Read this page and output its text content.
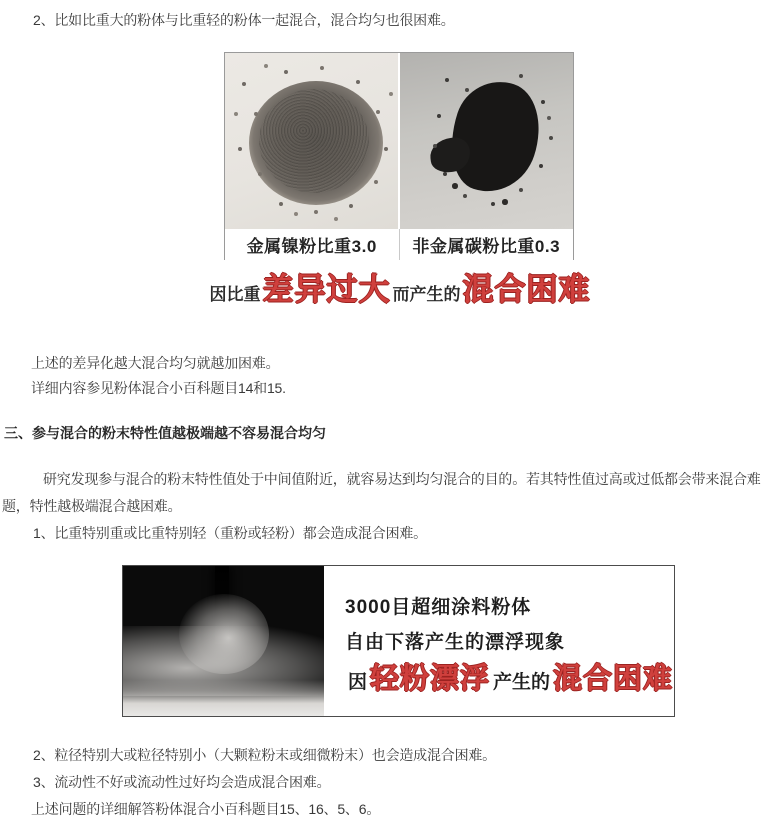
2、比如比重大的粉体与比重轻的粉体一起混合，混合均匀也很困难。
金属镍粉比重3.0	非金属碳粉比重0.3
因比重 差异过大 而产生的 混合困难
上述的差异化越大混合均匀就越加困难。
详细内容参见粉体混合小百科题目14和15.
三、参与混合的粉末特性值越极端越不容易混合均匀
研究发现参与混合的粉末特性值处于中间值附近，就容易达到均匀混合的目的。若其特性值过高或过低都会带来混合难
题，特性越极端混合越困难。
1、比重特别重或比重特别轻（重粉或轻粉）都会造成混合困难。
3000目超细涂料粉体
自由下落产生的漂浮现象
因 轻粉漂浮 产生的 混合困难
2、粒径特别大或粒径特别小（大颗粒粉末或细微粉末）也会造成混合困难。
3、流动性不好或流动性过好均会造成混合困难。
上述问题的详细解答粉体混合小百科题目15、16、5、6。
